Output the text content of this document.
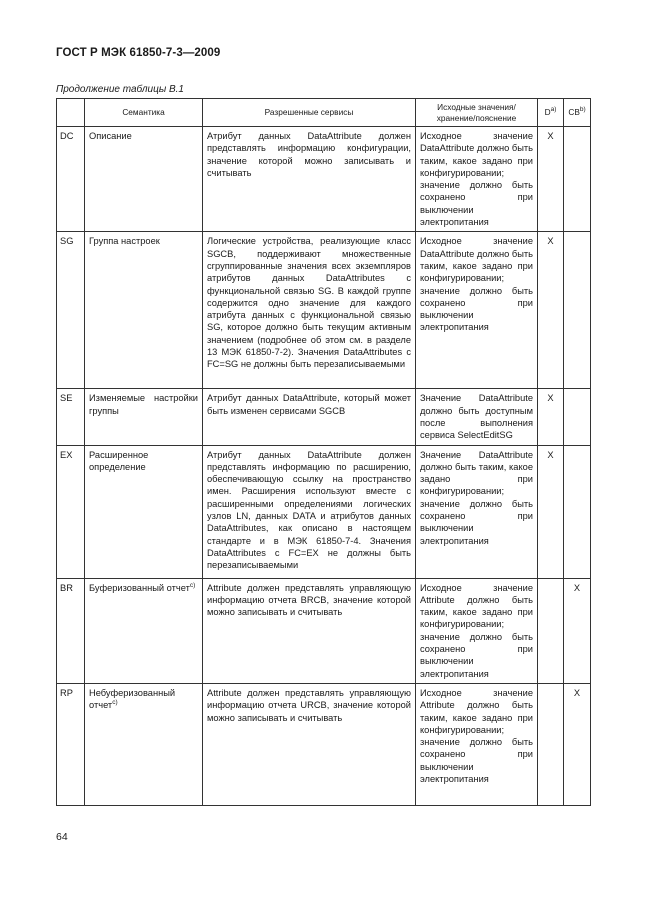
ГОСТ Р МЭК 61850-7-3—2009
Продолжение таблицы В.1
	Семантика	Разрешенные сервисы	Исходные значения/ хранение/пояснение	$D^{a)}$	CB$^{b)}$
DC	Описание	Атрибут данных DataAttribute должен представлять информацию конфигурации, значение которой можно записывать и считывать	Исходное значение DataAttribute должно быть таким, какое задано при конфигурировании; значение должно быть сохранено при выключении электропитания	X	
SG	Группа настроек	Логические устройства, реализующие класс SGCB, поддерживают множественные сгруппированные значения всех экземпляров атрибутов данных DataAttributes с функциональной связью SG. В каждой группе содержится одно значение для каждого атрибута данных с функциональной связью SG, которое должно быть текущим активным значением (подробнее об этом см. в разделе 13 МЭК 61850-7-2). Значения DataAttributes с FC=SG не должны быть перезаписываемыми	Исходное значение DataAttribute должно быть таким, какое задано при конфигурировании; значение должно быть сохранено при выключении электропитания	X	
SE	Изменяемые настройки группы	Атрибут данных DataAttribute, который может быть изменен сервисами SGCB	Значение DataAttribute должно быть доступным после выполнения сервиса SelectEditSG	X	
EX	Расширенное определение	Атрибут данных DataAttribute должен представлять информацию по расширению, обеспечивающую ссылку на пространство имен. Расширения используют вместе с расширенными определениями логических узлов LN, данных DATA и атрибутов данных DataAttributes, как описано в настоящем стандарте и в МЭК 61850-7-4. Значения DataAttributes с FC=EX не должны быть перезаписываемыми	Значение DataAttribute должно быть таким, какое задано при конфигурировании; значение должно быть сохранено при выключении электропитания	X	
BR	Буферизованный отчет$^{c)}$	Attribute должен представлять управляющую информацию отчета BRCB, значение которой можно записывать и считывать	Исходное значение Attribute должно быть таким, какое задано при конфигурировании; значение должно быть сохранено при выключении электропитания		X
RP	Небуферизованный отчет$^{c)}$	Attribute должен представлять управляющую информацию отчета URCB, значение которой можно записывать и считывать	Исходное значение Attribute должно быть таким, какое задано при конфигурировании; значение должно быть сохранено при выключении электропитания		X
64
